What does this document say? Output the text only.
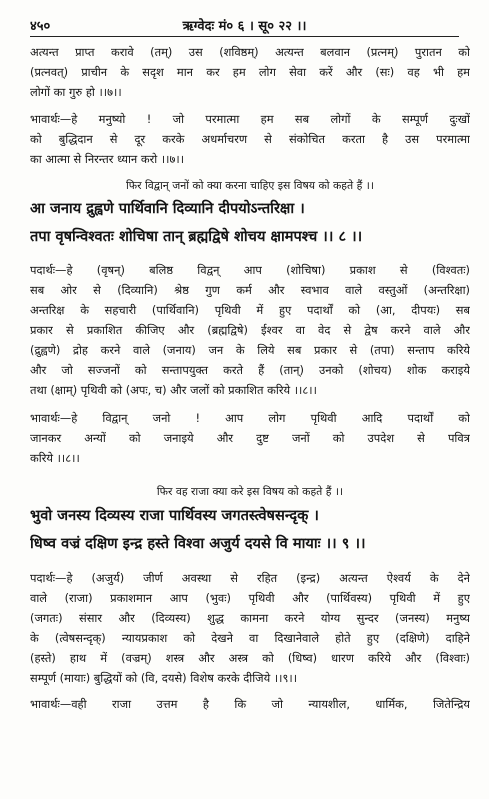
४५०	ऋग्वेदः मं० ६ । सू० २२ ।।
अत्यन्त प्राप्त करावे (तम्) उस (शविष्ठम्) अत्यन्त बलवान (प्रत्नम्) पुरातन को
(प्रत्नवत्) प्राचीन के सदृश मान कर हम लोग सेवा करें और (सः) वह भी हम
लोगों का गुरु हो ।।७।।
भावार्थः—हे मनुष्यो ! जो परमात्मा हम सब लोगों के सम्पूर्ण दुःखों
को बुद्धिदान से दूर करके अधर्माचरण से संकोचित करता है उस परमात्मा
का आत्मा से निरन्तर ध्यान करो ।।७।।
फिर विद्वान् जनों को क्या करना चाहिए इस विषय को कहते हैं ।।
आ जनाय द्रुह्वणे पार्थिवानि दिव्यानि दीपयोऽन्तरिक्षा ।
तपा वृषन्विश्वतः शोचिषा तान् ब्रह्मद्विषे शोचय क्षामपश्च ।। ८ ।।
पदार्थः—हे (वृषन्) बलिष्ठ विद्वन् आप (शोचिषा) प्रकाश से (विश्वतः)
सब ओर से (दिव्यानि) श्रेष्ठ गुण कर्म और स्वभाव वाले वस्तुओं (अन्तरिक्षा)
अन्तरिक्ष के सहचारी (पार्थिवानि) पृथिवी में हुए पदार्थों को (आ, दीपयः) सब
प्रकार से प्रकाशित कीजिए और (ब्रह्मद्विषे) ईश्वर वा वेद से द्वेष करने वाले और
(द्रुह्वणे) द्रोह करने वाले (जनाय) जन के लिये सब प्रकार से (तपा) सन्ताप करिये
और जो सज्जनों को सन्तापयुक्त करते हैं (तान्) उनको (शोचय) शोक कराइये
तथा (क्षाम्) पृथिवी को (अपः, च) और जलों को प्रकाशित करिये ।।८।।
भावार्थः—हे विद्वान् जनो ! आप लोग पृथिवी आदि पदार्थों को
जानकर अन्यों को जनाइये और दुष्ट जनों को उपदेश से पवित्र
करिये ।।८।।
फिर वह राजा क्या करे इस विषय को कहते हैं ।।
भुवो जनस्य दिव्यस्य राजा पार्थिवस्य जगतस्त्वेषसन्दृक् ।
धिष्व वज्रं दक्षिण इन्द्र हस्ते विश्वा अजुर्य दयसे वि मायाः ।। ९ ।।
पदार्थः—हे (अजुर्य) जीर्ण अवस्था से रहित (इन्द्र) अत्यन्त ऐश्वर्य के देने
वाले (राजा) प्रकाशमान आप (भुवः) पृथिवी और (पार्थिवस्य) पृथिवी में हुए
(जगतः) संसार और (दिव्यस्य) शुद्ध कामना करने योग्य सुन्दर (जनस्य) मनुष्य
के (त्वेषसन्दृक्) न्यायप्रकाश को देखने वा दिखानेवाले होते हुए (दक्षिणे) दाहिने
(हस्ते) हाथ में (वज्रम्) शस्त्र और अस्त्र को (धिष्व) धारण करिये और (विश्वाः)
सम्पूर्ण (मायाः) बुद्धियों को (वि, दयसे) विशेष करके दीजिये ।।९।।
भावार्थः—वही राजा उत्तम है कि जो न्यायशील, धार्मिक, जितेन्द्रिय
